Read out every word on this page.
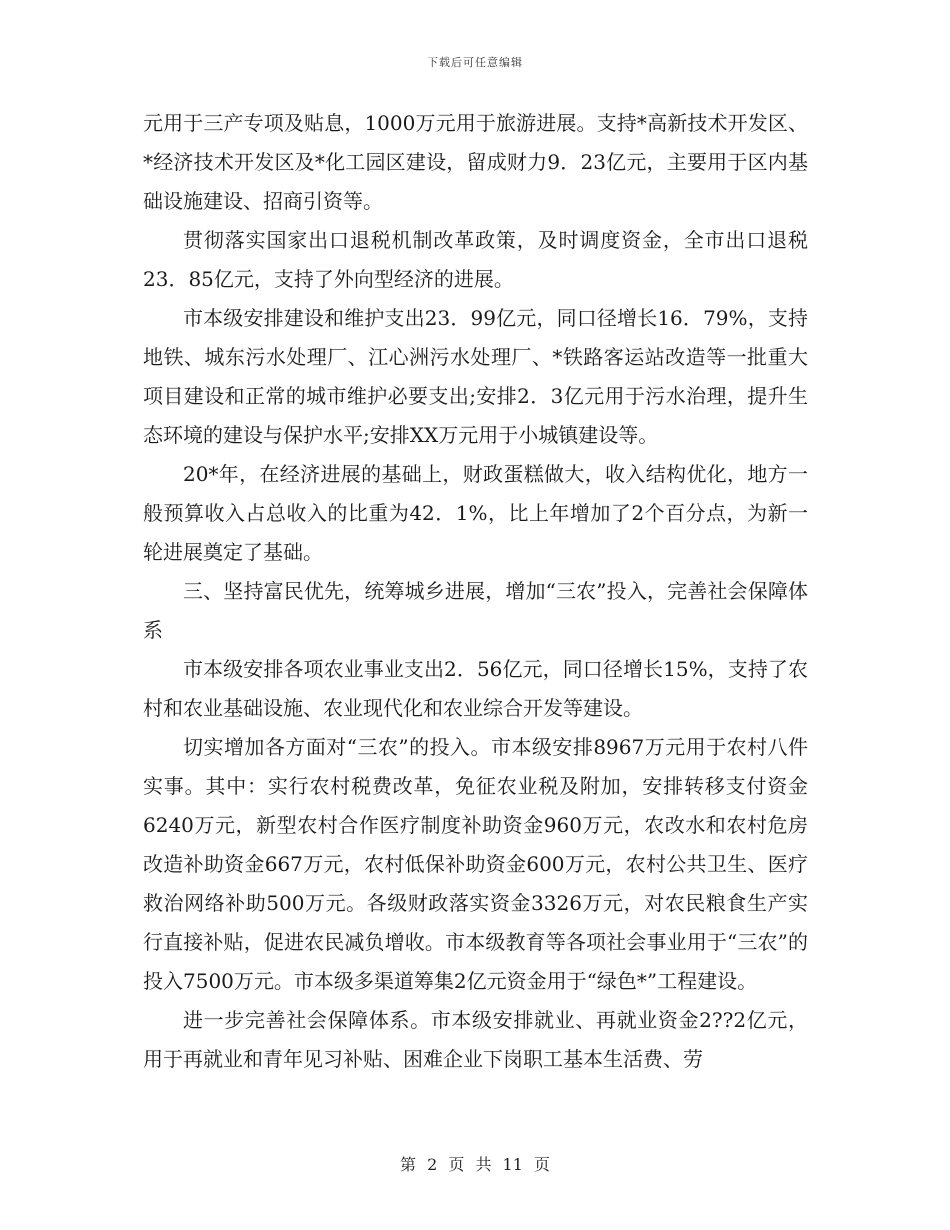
下载后可任意编辑

元用于三产专项及贴息，1000万元用于旅游进展。支持*高新技术开发区、*经济技术开发区及*化工园区建设，留成财力9．23亿元，主要用于区内基础设施建设、招商引资等。

贯彻落实国家出口退税机制改革政策，及时调度资金，全市出口退税23．85亿元，支持了外向型经济的进展。

市本级安排建设和维护支出23．99亿元，同口径增长16．79%，支持地铁、城东污水处理厂、江心洲污水处理厂、*铁路客运站改造等一批重大项目建设和正常的城市维护必要支出;安排2．3亿元用于污水治理，提升生态环境的建设与保护水平;安排XX万元用于小城镇建设等。

20*年，在经济进展的基础上，财政蛋糕做大，收入结构优化，地方一般预算收入占总收入的比重为42．1%，比上年增加了2个百分点，为新一轮进展奠定了基础。

三、坚持富民优先，统筹城乡进展，增加“三农”投入，完善社会保障体系

市本级安排各项农业事业支出2．56亿元，同口径增长15%，支持了农村和农业基础设施、农业现代化和农业综合开发等建设。

切实增加各方面对“三农”的投入。市本级安排8967万元用于农村八件实事。其中：实行农村税费改革，免征农业税及附加，安排转移支付资金6240万元，新型农村合作医疗制度补助资金960万元，农改水和农村危房改造补助资金667万元，农村低保补助资金600万元，农村公共卫生、医疗救治网络补助500万元。各级财政落实资金3326万元，对农民粮食生产实行直接补贴，促进农民减负增收。市本级教育等各项社会事业用于“三农”的投入7500万元。市本级多渠道筹集2亿元资金用于“绿色*”工程建设。

进一步完善社会保障体系。市本级安排就业、再就业资金2??2亿元，用于再就业和青年见习补贴、困难企业下岗职工基本生活费、劳

第 2 页 共 11 页
